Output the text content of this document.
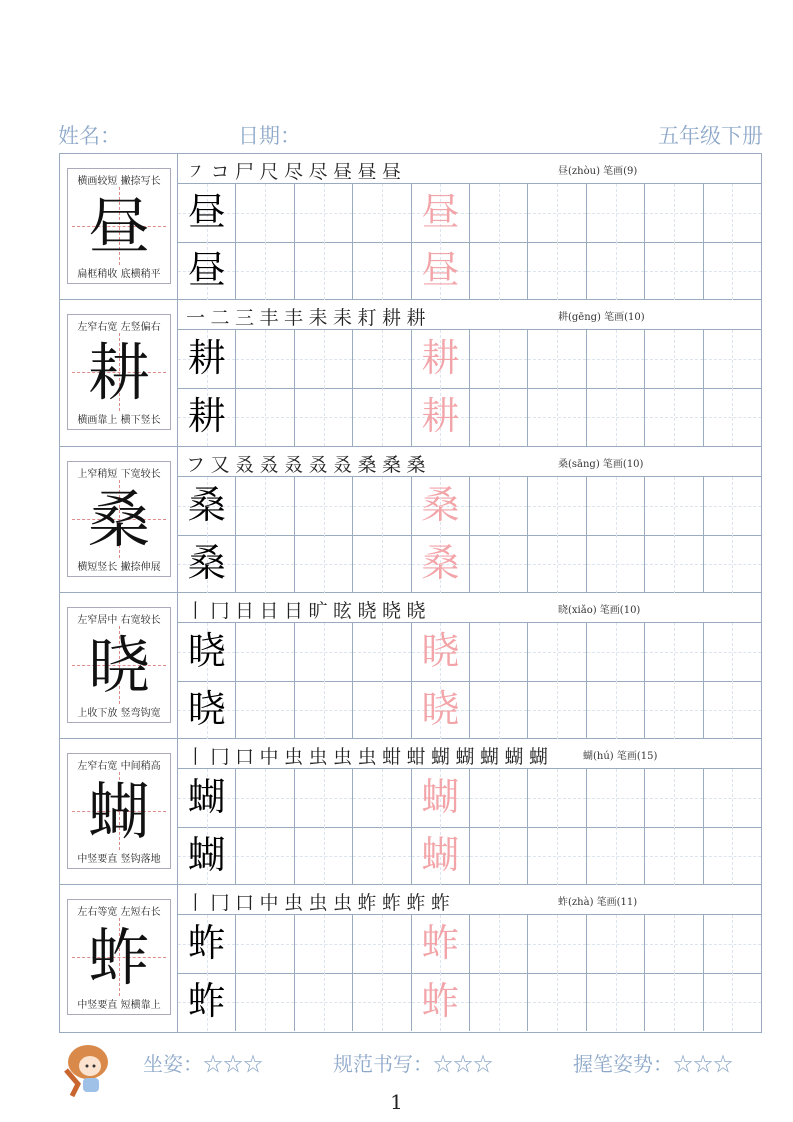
姓名：	日期：	五年级下册
横画较短 撇捺写长
昼
扁框稍收 底横稍平
㇇ コ 尸 尺 尽 尽 昼 昼 昼	昼(zhòu) 笔画(9)
昼	昼
昼	昼
左窄右宽 左竖偏右
耕
横画靠上 横下竖长
一 二 三 丰 丰 耒 耒 耓 耕 耕	耕(gēng) 笔画(10)
耕	耕
耕	耕
上窄稍短 下宽较长
桑
横短竖长 撇捺伸展
フ 又 叒 叒 叒 叒 叒 桑 桑 桑	桑(sāng) 笔画(10)
桑	桑
桑	桑
左窄居中 右宽较长
晓
上收下放 竖弯钩宽
丨 冂 日 日 日 旷 昡 晓 晓 晓	晓(xiǎo) 笔画(10)
晓	晓
晓	晓
左窄右宽 中间稍高
蝴
中竖要直 竖钩落地
丨 冂 口 中 虫 虫 虫 虫 蚶 蚶 蝴 蝴 蝴 蝴 蝴	蝴(hú) 笔画(15)
蝴	蝴
蝴	蝴
左右等宽 左短右长
蚱
中竖要直 短横靠上
丨 冂 口 中 虫 虫 虫 蚱 蚱 蚱 蚱	蚱(zhà) 笔画(11)
蚱	蚱
蚱	蚱
坐姿：☆☆☆	规范书写：☆☆☆	握笔姿势：☆☆☆
1
